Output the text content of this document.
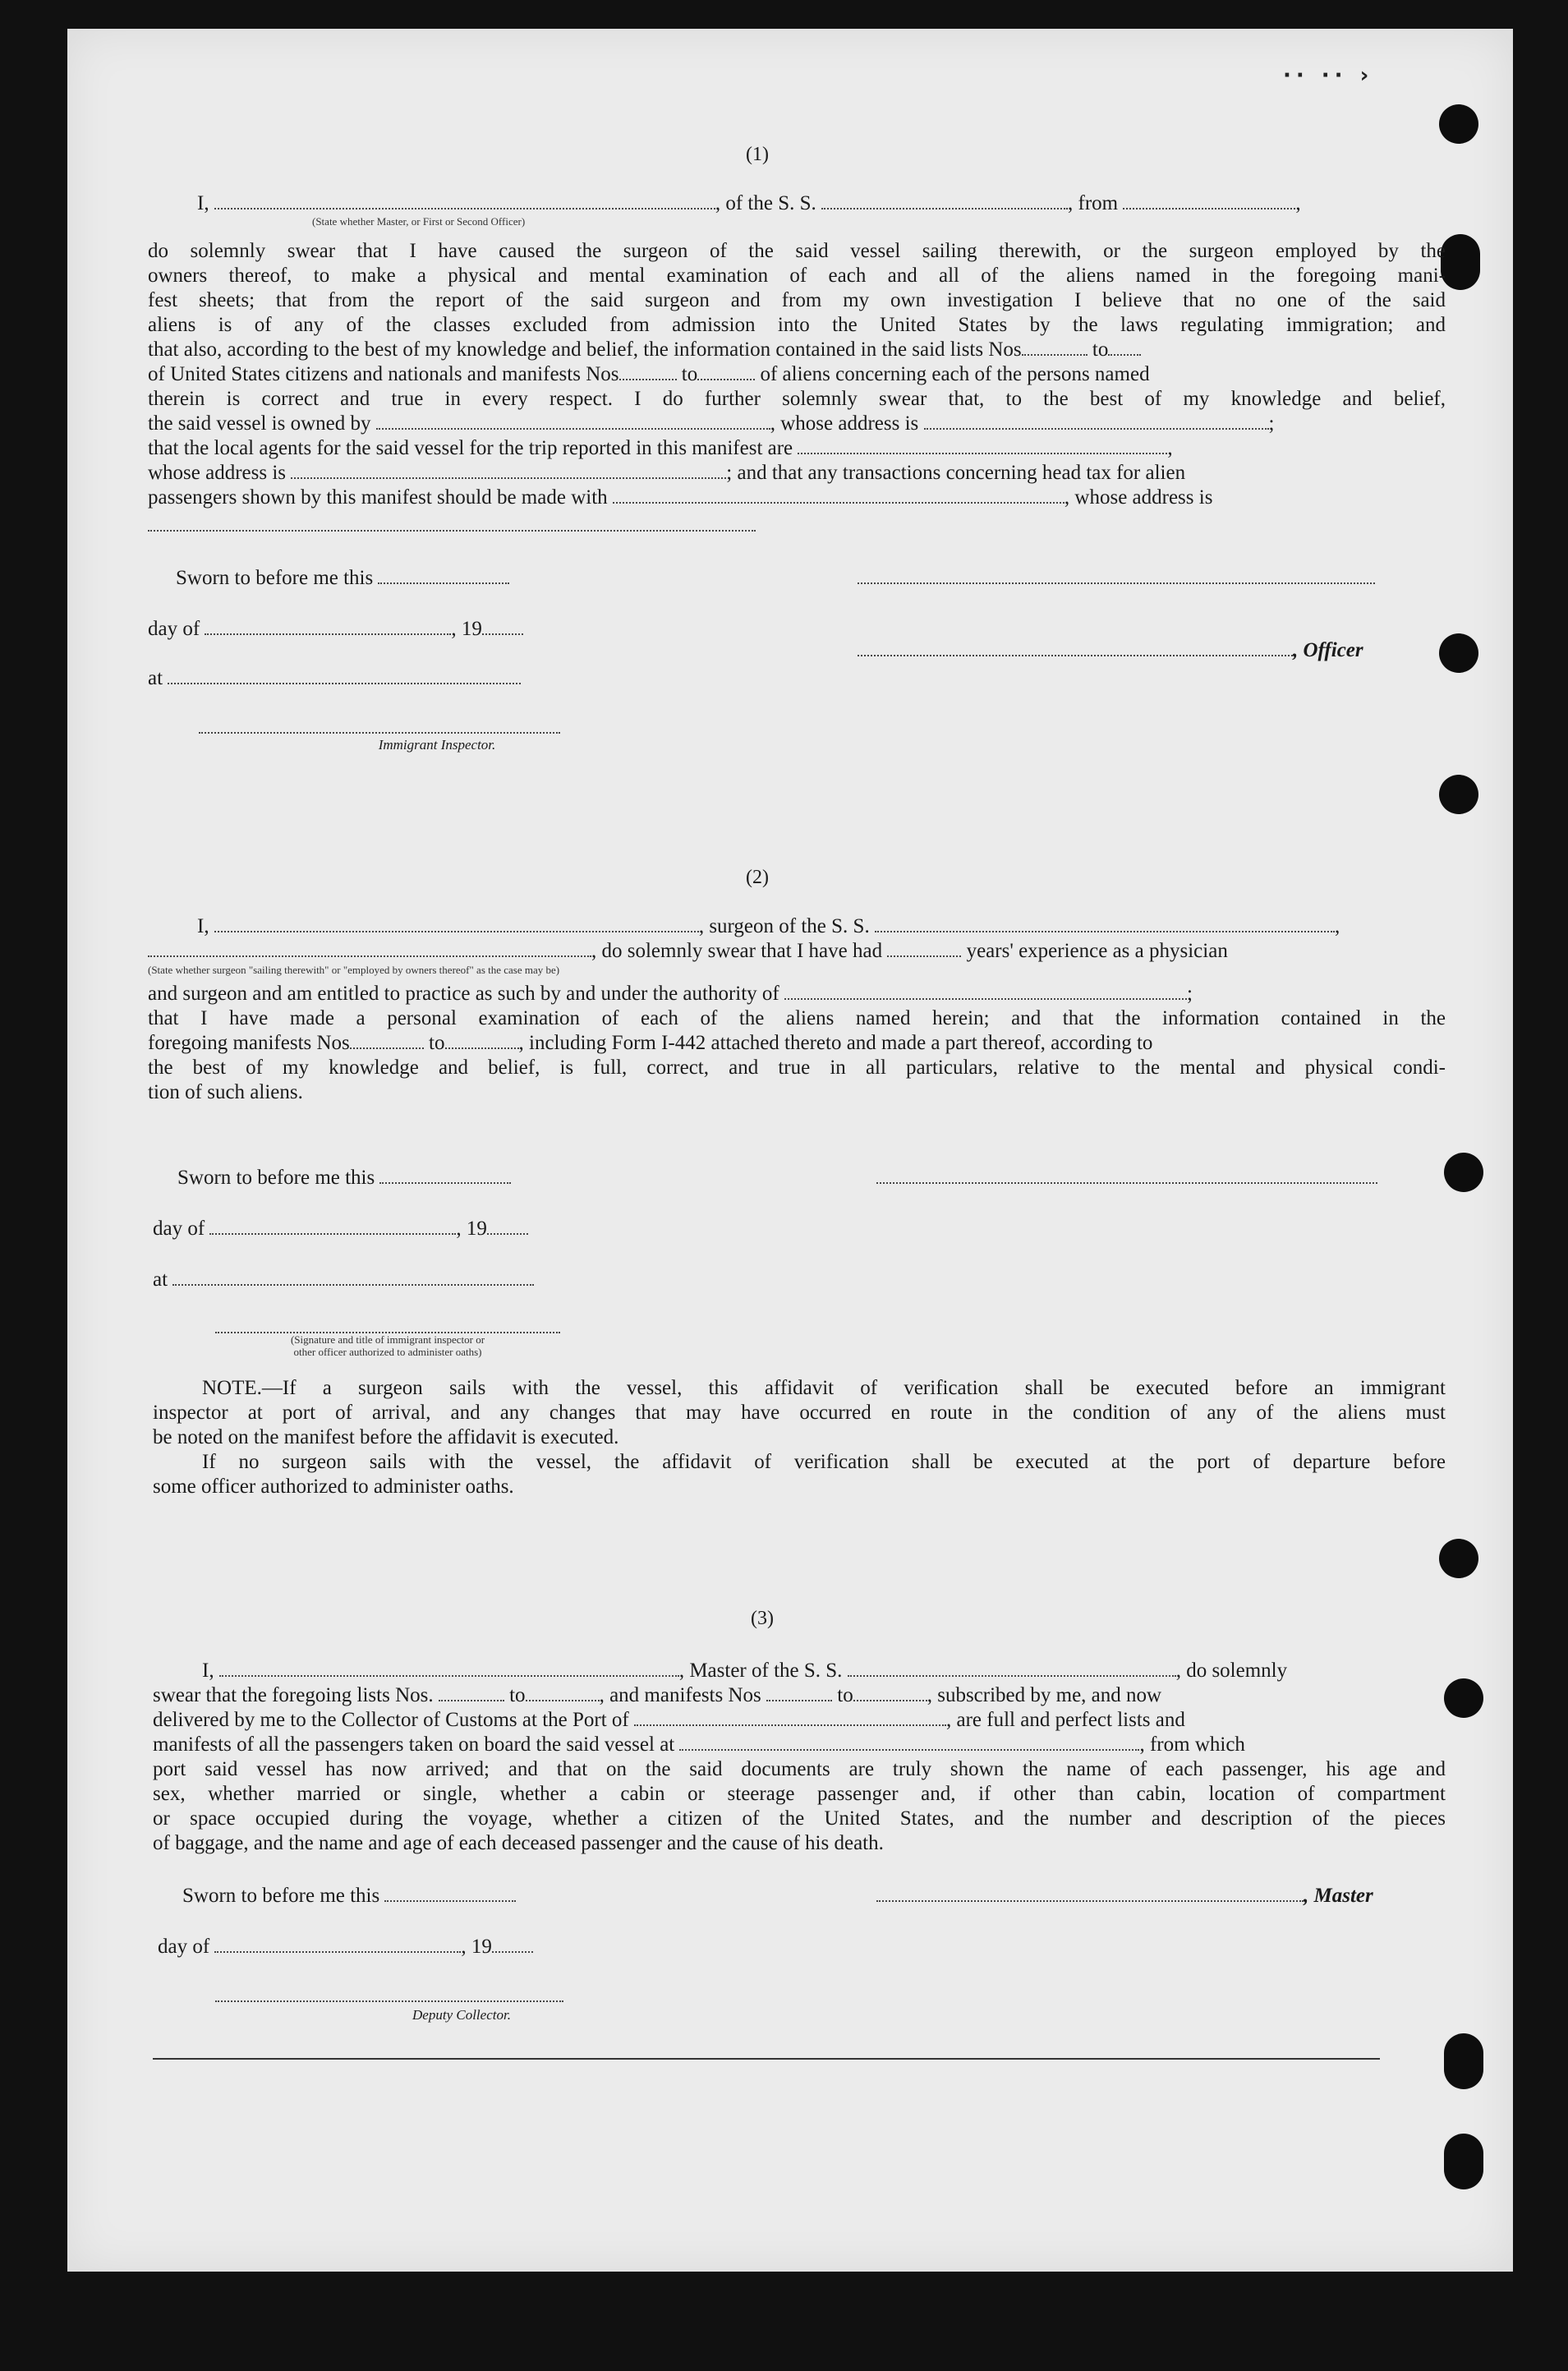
·· ·· ›
(1)
I,	, of the S. S.	, from	,
(State whether Master, or First or Second Officer)
do solemnly swear that I have caused the surgeon of the said vessel sailing therewith, or the surgeon employed by the
owners thereof, to make a physical and mental examination of each and all of the aliens named in the foregoing mani-
fest sheets; that from the report of the said surgeon and from my own investigation I believe that no one of the said
aliens is of any of the classes excluded from admission into the United States by the laws regulating immigration; and
that also, according to the best of my knowledge and belief, the information contained in the said lists Nos	to
of United States citizens and nationals and manifests Nos	to	of aliens concerning each of the persons named
therein is correct and true in every respect. I do further solemnly swear that, to the best of my knowledge and belief,
the said vessel is owned by	, whose address is	;
that the local agents for the said vessel for the trip reported in this manifest are	,
whose address is	; and that any transactions concerning head tax for alien
passengers shown by this manifest should be made with	, whose address is
Sworn to before me this
day of	, 19
, Officer
at
Immigrant Inspector.
(2)
I,	, surgeon of the S. S.	,
, do solemnly swear that I have had	years' experience as a physician
(State whether surgeon "sailing therewith" or "employed by owners thereof" as the case may be)
and surgeon and am entitled to practice as such by and under the authority of	;
that I have made a personal examination of each of the aliens named herein; and that the information contained in the
foregoing manifests Nos	to	, including Form I-442 attached thereto and made a part thereof, according to
the best of my knowledge and belief, is full, correct, and true in all particulars, relative to the mental and physical condi-
tion of such aliens.
Sworn to before me this
day of	, 19
at
(Signature and title of immigrant inspector or
other officer authorized to administer oaths)
NOTE.—If a surgeon sails with the vessel, this affidavit of verification shall be executed before an immigrant
inspector at port of arrival, and any changes that may have occurred en route in the condition of any of the aliens must
be noted on the manifest before the affidavit is executed.
If no surgeon sails with the vessel, the affidavit of verification shall be executed at the port of departure before
some officer authorized to administer oaths.
(3)
I,	, Master of the S. S.	, do solemnly
swear that the foregoing lists Nos.	to	, and manifests Nos	to	, subscribed by me, and now
delivered by me to the Collector of Customs at the Port of	, are full and perfect lists and
manifests of all the passengers taken on board the said vessel at	, from which
port said vessel has now arrived; and that on the said documents are truly shown the name of each passenger, his age and
sex, whether married or single, whether a cabin or steerage passenger and, if other than cabin, location of compartment
or space occupied during the voyage, whether a citizen of the United States, and the number and description of the pieces
of baggage, and the name and age of each deceased passenger and the cause of his death.
Sworn to before me this	, Master
day of	, 19
Deputy Collector.
